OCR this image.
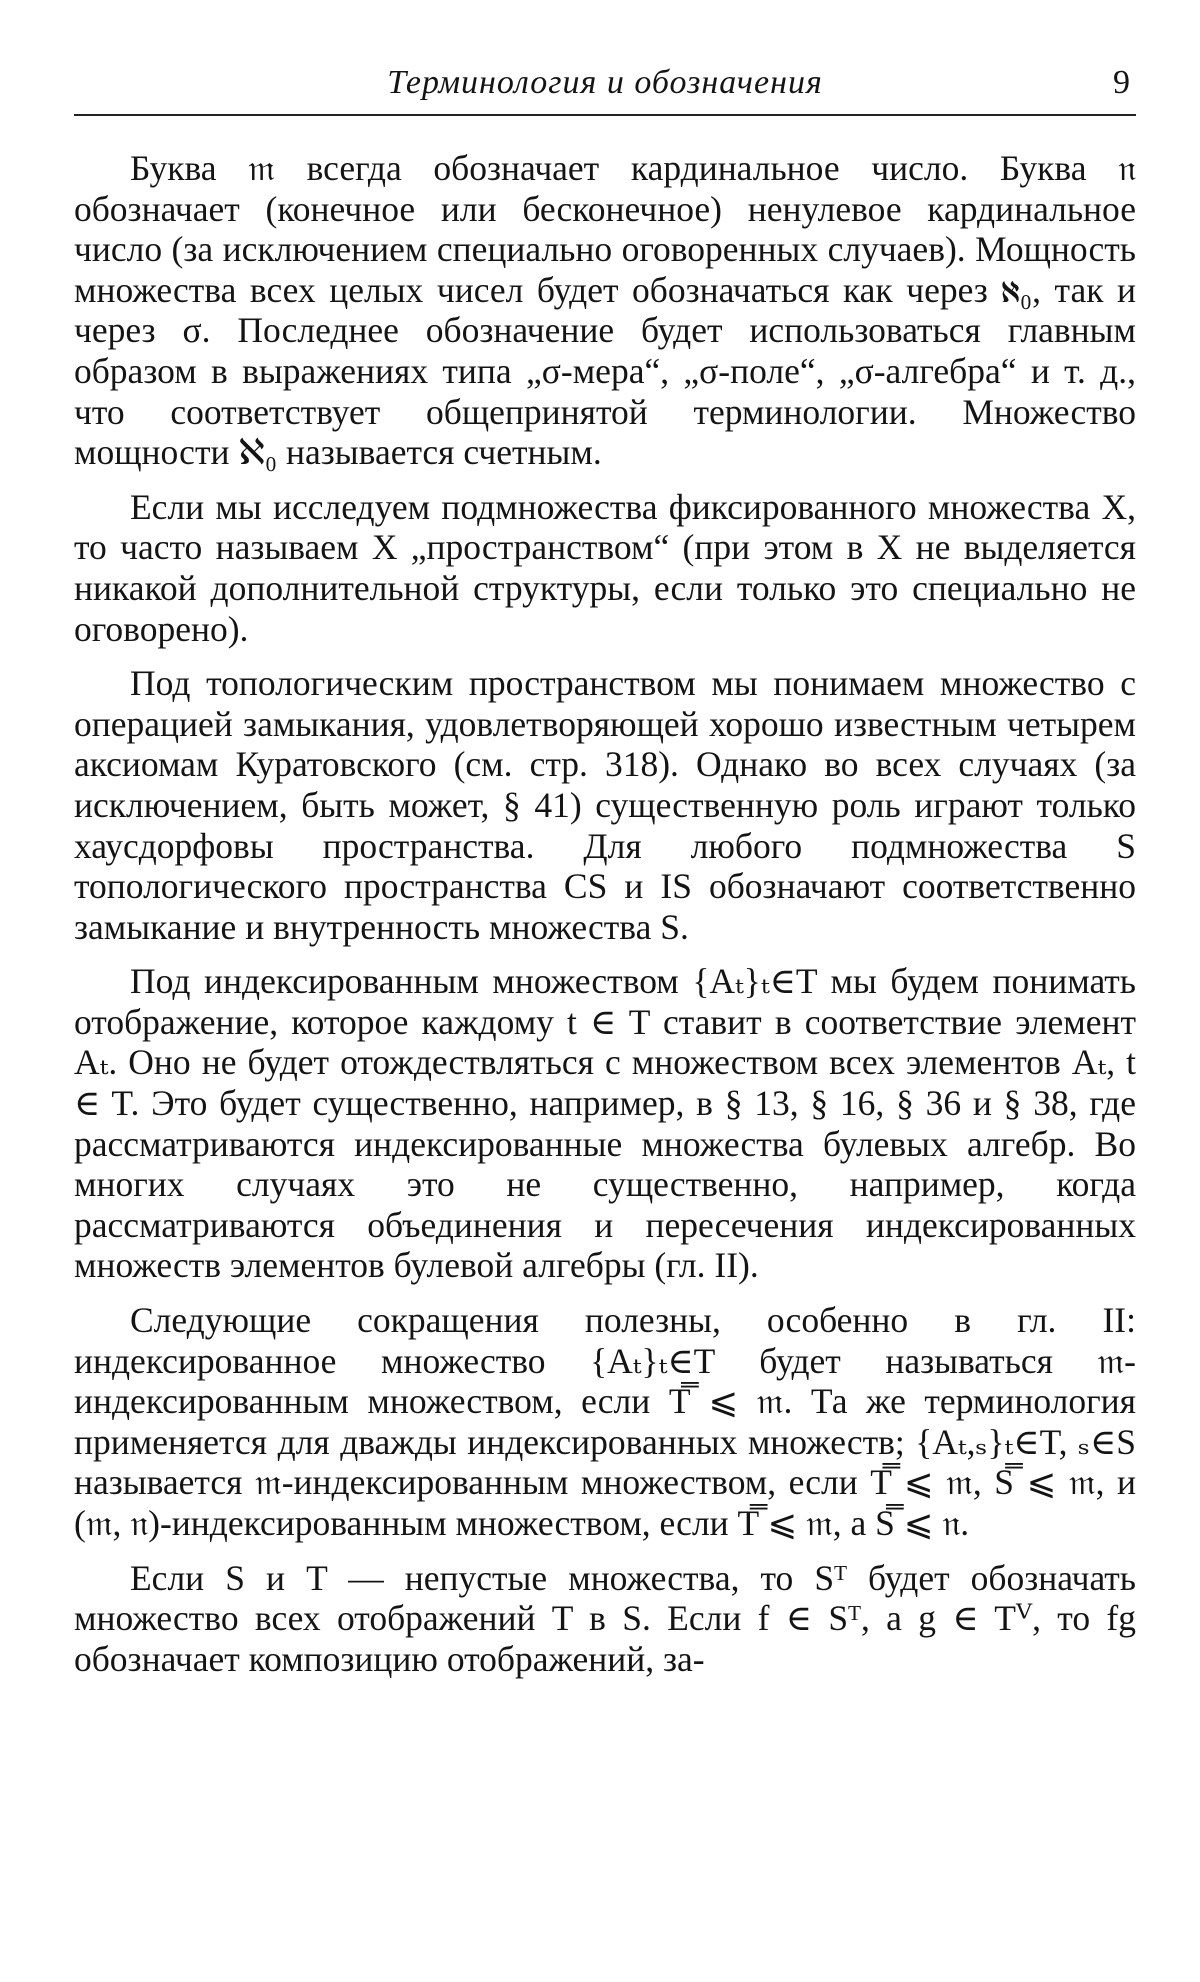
Терминология и обозначения	9

Буква 𝔪 всегда обозначает кардинальное число. Буква 𝔫 обозначает (конечное или бесконечное) ненулевое кардинальное число (за исключением специально оговоренных случаев). Мощность множества всех целых чисел будет обозначаться как через ℵ₀, так и через σ. Последнее обозначение будет использоваться главным образом в выражениях типа „σ-мера“, „σ-поле“, „σ-алгебра“ и т. д., что соответствует общепринятой терминологии. Множество мощности ℵ₀ называется счетным.

Если мы исследуем подмножества фиксированного множества X, то часто называем X „пространством“ (при этом в X не выделяется никакой дополнительной структуры, если только это специально не оговорено).

Под топологическим пространством мы понимаем множество с операцией замыкания, удовлетворяющей хорошо известным четырем аксиомам Куратовского (см. стр. 318). Однако во всех случаях (за исключением, быть может, § 41) существенную роль играют только хаусдорфовы пространства. Для любого подмножества S топологического пространства CS и IS обозначают соответственно замыкание и внутренность множества S.

Под индексированным множеством {Aₜ}ₜ∈T мы будем понимать отображение, которое каждому t ∈ T ставит в соответствие элемент Aₜ. Оно не будет отождествляться с множеством всех элементов Aₜ, t ∈ T. Это будет существенно, например, в § 13, § 16, § 36 и § 38, где рассматриваются индексированные множества булевых алгебр. Во многих случаях это не существенно, например, когда рассматриваются объединения и пересечения индексированных множеств элементов булевой алгебры (гл. II).

Следующие сокращения полезны, особенно в гл. II: индексированное множество {Aₜ}ₜ∈T будет называться 𝔪-индексированным множеством, если T̿ ⩽ 𝔪. Та же терминология применяется для дважды индексированных множеств; {Aₜ,ₛ}ₜ∈T, ₛ∈S называется 𝔪-индексированным множеством, если T̿ ⩽ 𝔪, S̿ ⩽ 𝔪, и (𝔪, 𝔫)-индексированным множеством, если T̿ ⩽ 𝔪, а S̿ ⩽ 𝔫.

Если S и T — непустые множества, то Sᵀ будет обозначать множество всех отображений T в S. Если f ∈ Sᵀ, а g ∈ Tⱽ, то fg обозначает композицию отображений, за-
